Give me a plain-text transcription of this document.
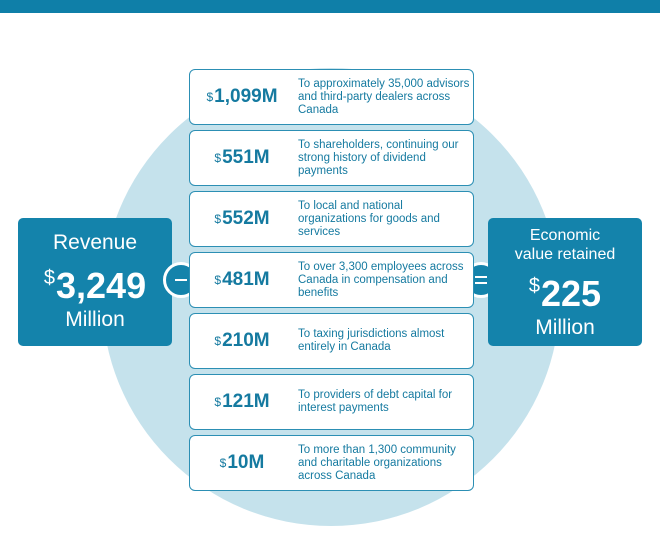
Revenue
$3,249
Million
Economic
value retained
$225
Million
$ 1,099M
To approximately 35,000 advisors and third-party dealers across Canada
$ 551M
To shareholders, continuing our strong history of dividend payments
$ 552M
To local and national organizations for goods and services
$ 481M
To over 3,300 employees across Canada in compensation and benefits
$ 210M To taxing jurisdictions almost entirely in Canada
$ 121M To providers of debt capital for interest payments
$ 10M
To more than 1,300 community and charitable organizations across Canada
